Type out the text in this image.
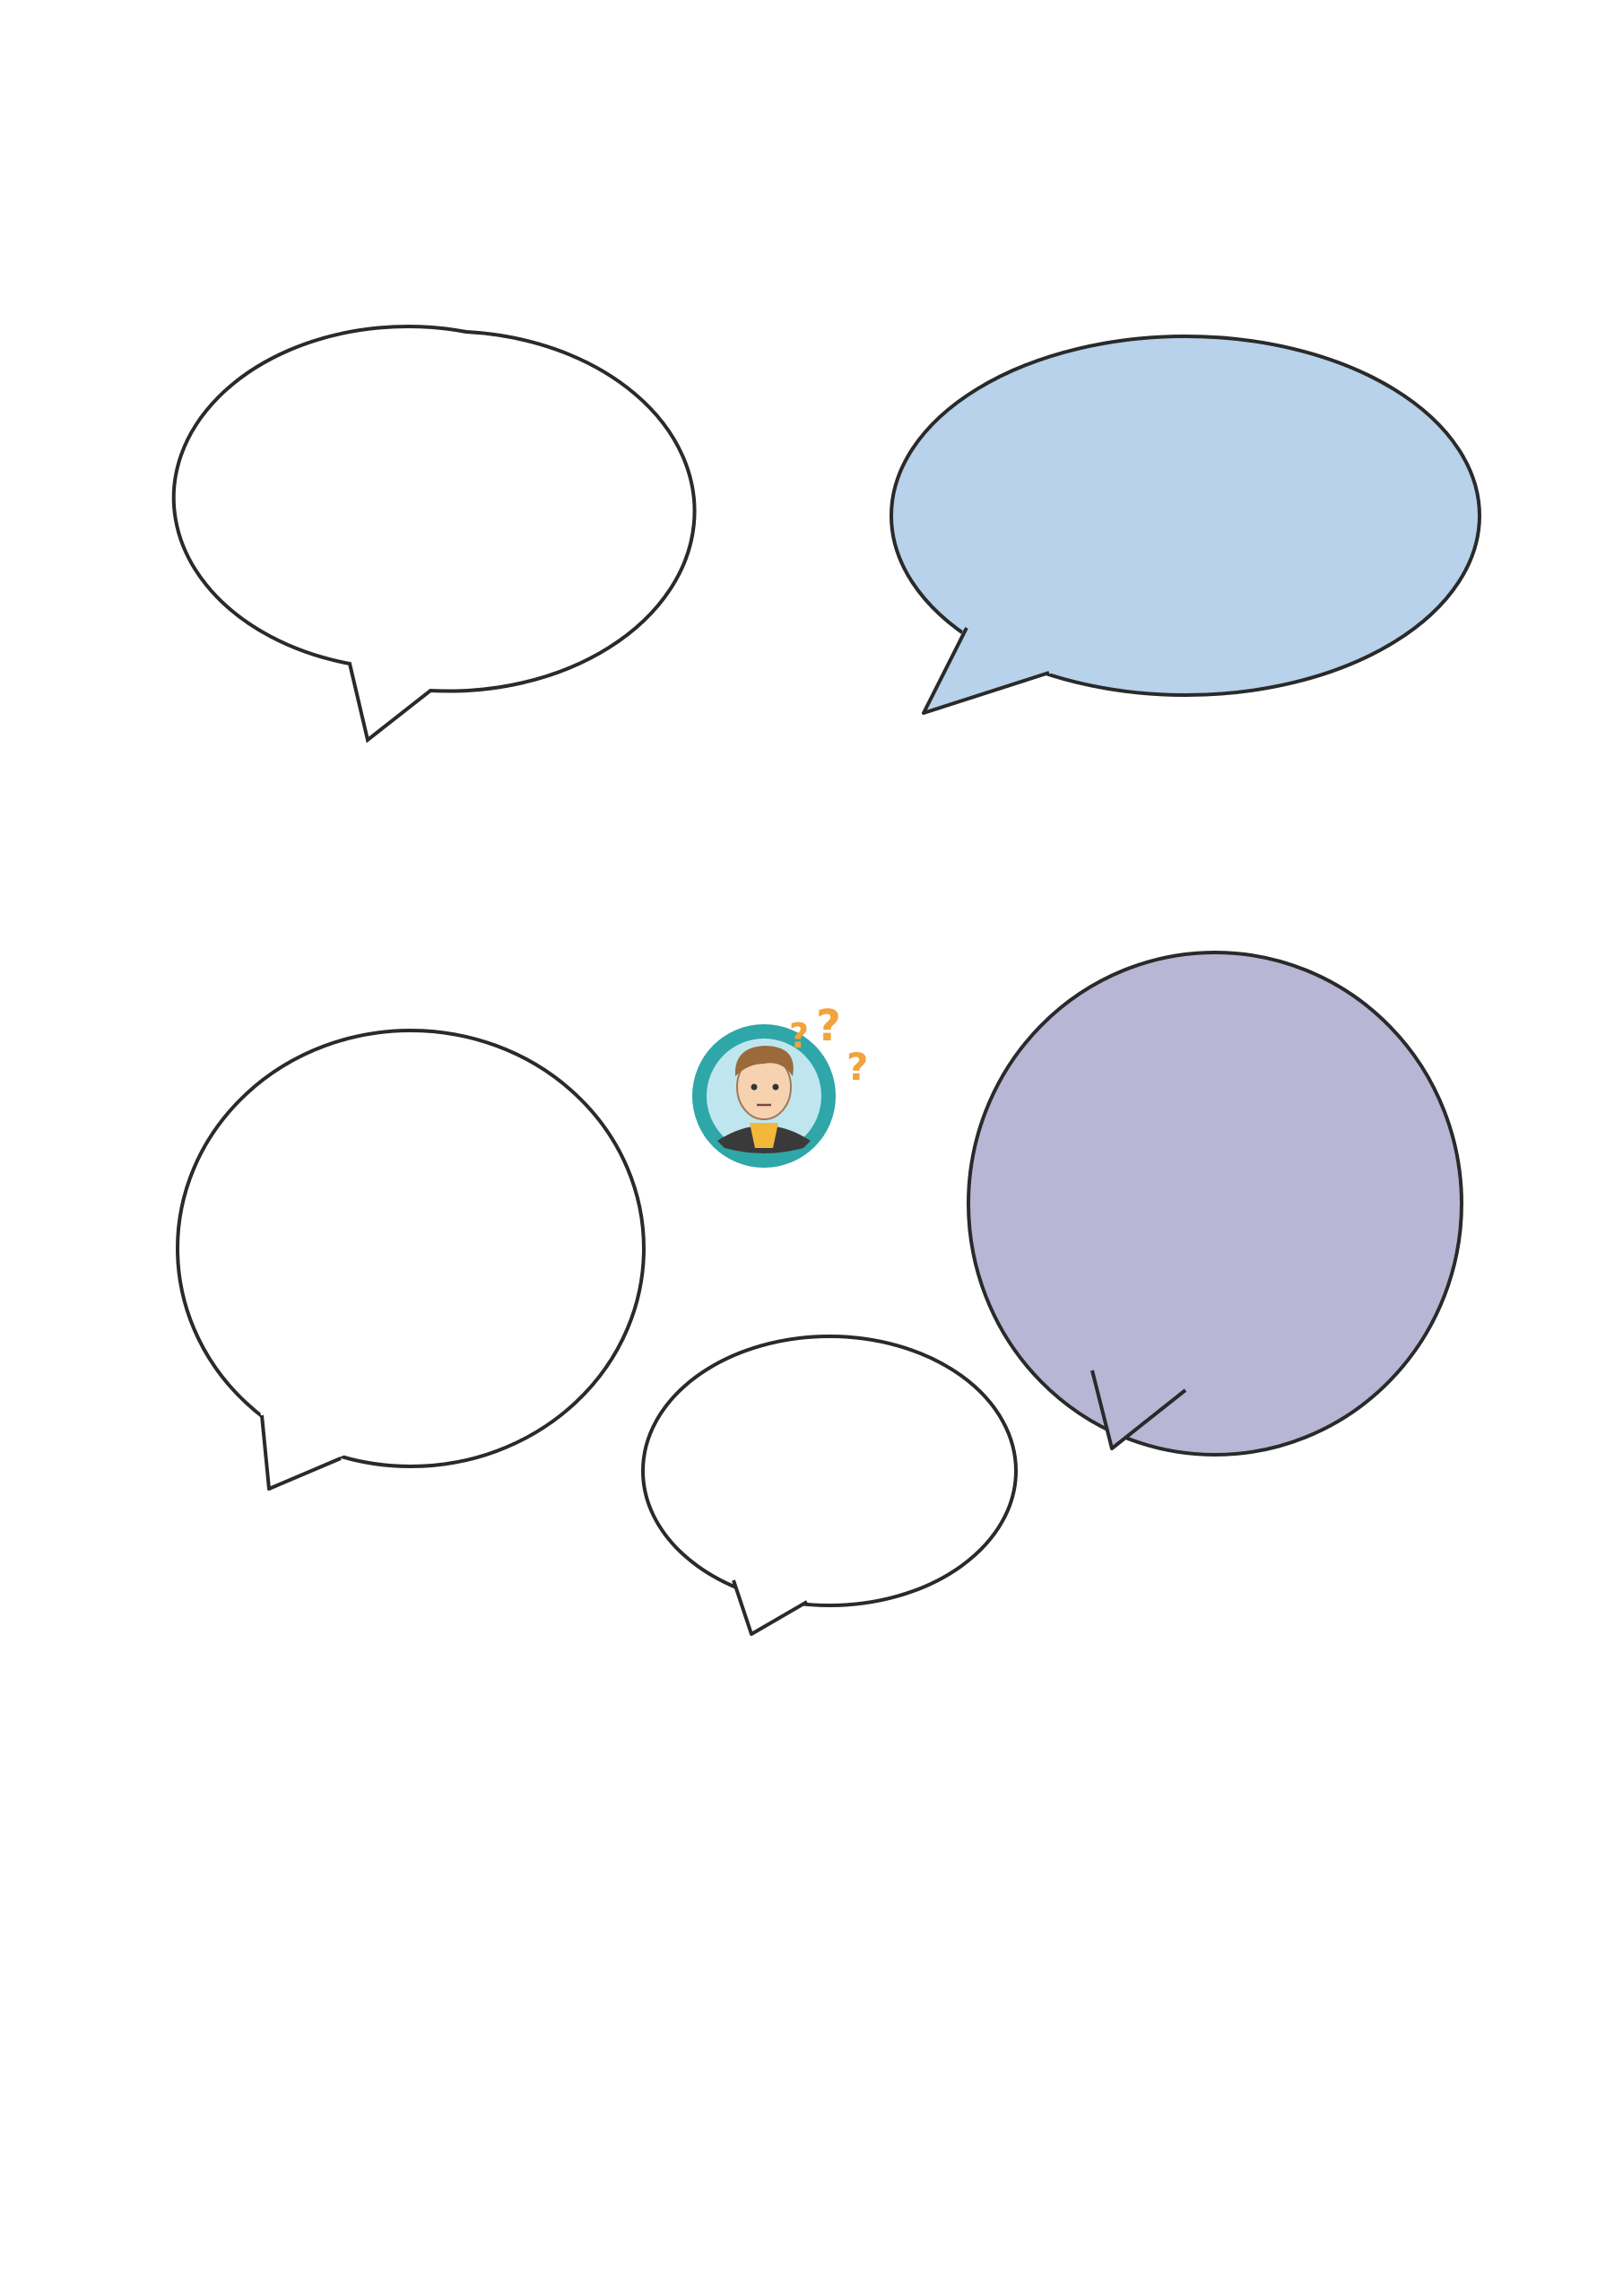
? ?
?
